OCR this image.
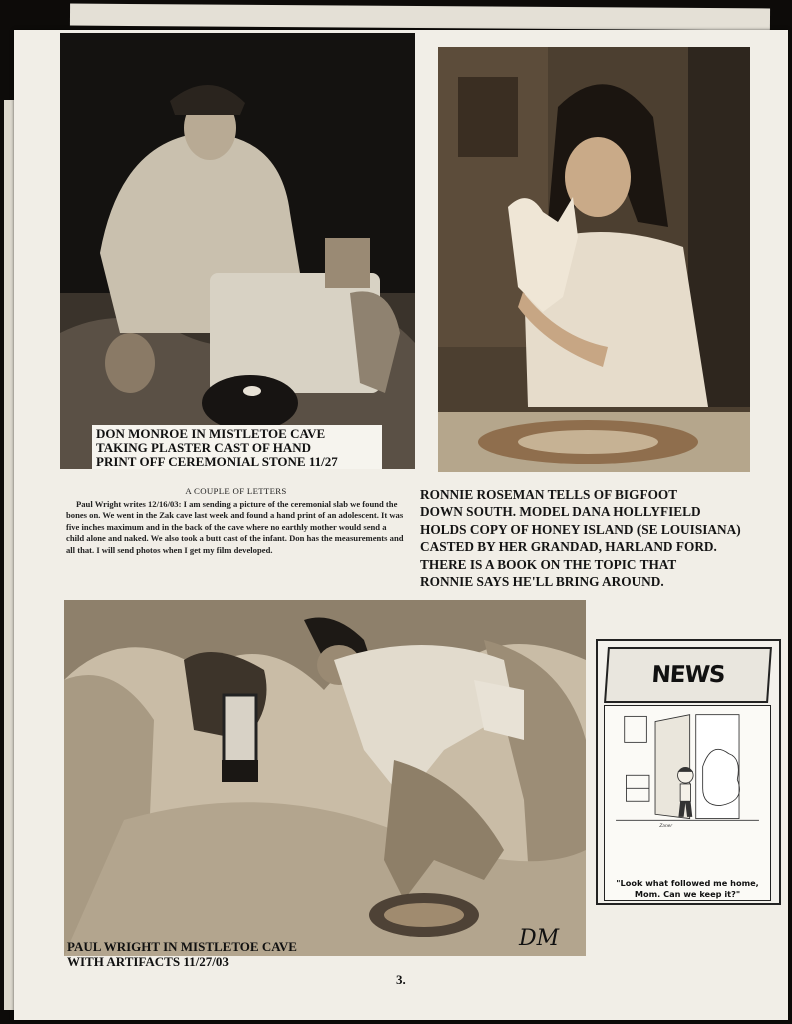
DON MONROE IN MISTLETOE CAVE
TAKING PLASTER CAST OF HAND
PRINT OFF CEREMONIAL STONE 11/27
A COUPLE OF LETTERS

Paul Wright writes 12/16/03: I am sending a picture of the ceremonial slab we found the bones on. We went in the Zak cave last week and found a hand print of an adolescent. It was five inches maximum and in the back of the cave where no earthly mother would send a child alone and naked. We also took a butt cast of the infant. Don has the measurements and all that. I will send photos when I get my film developed.

RONNIE ROSEMAN TELLS OF BIGFOOT
DOWN SOUTH. MODEL DANA HOLLYFIELD
HOLDS COPY OF HONEY ISLAND (SE LOUISIANA)
CASTED BY HER GRANDAD, HARLAND FORD.
THERE IS A BOOK ON THE TOPIC THAT
RONNIE SAYS HE'LL BRING AROUND.
DM
PAUL WRIGHT IN MISTLETOE CAVE
WITH ARTIFACTS 11/27/03
NEWS
Zaner
"Look what followed me home, Mom. Can we keep it?"
3.
